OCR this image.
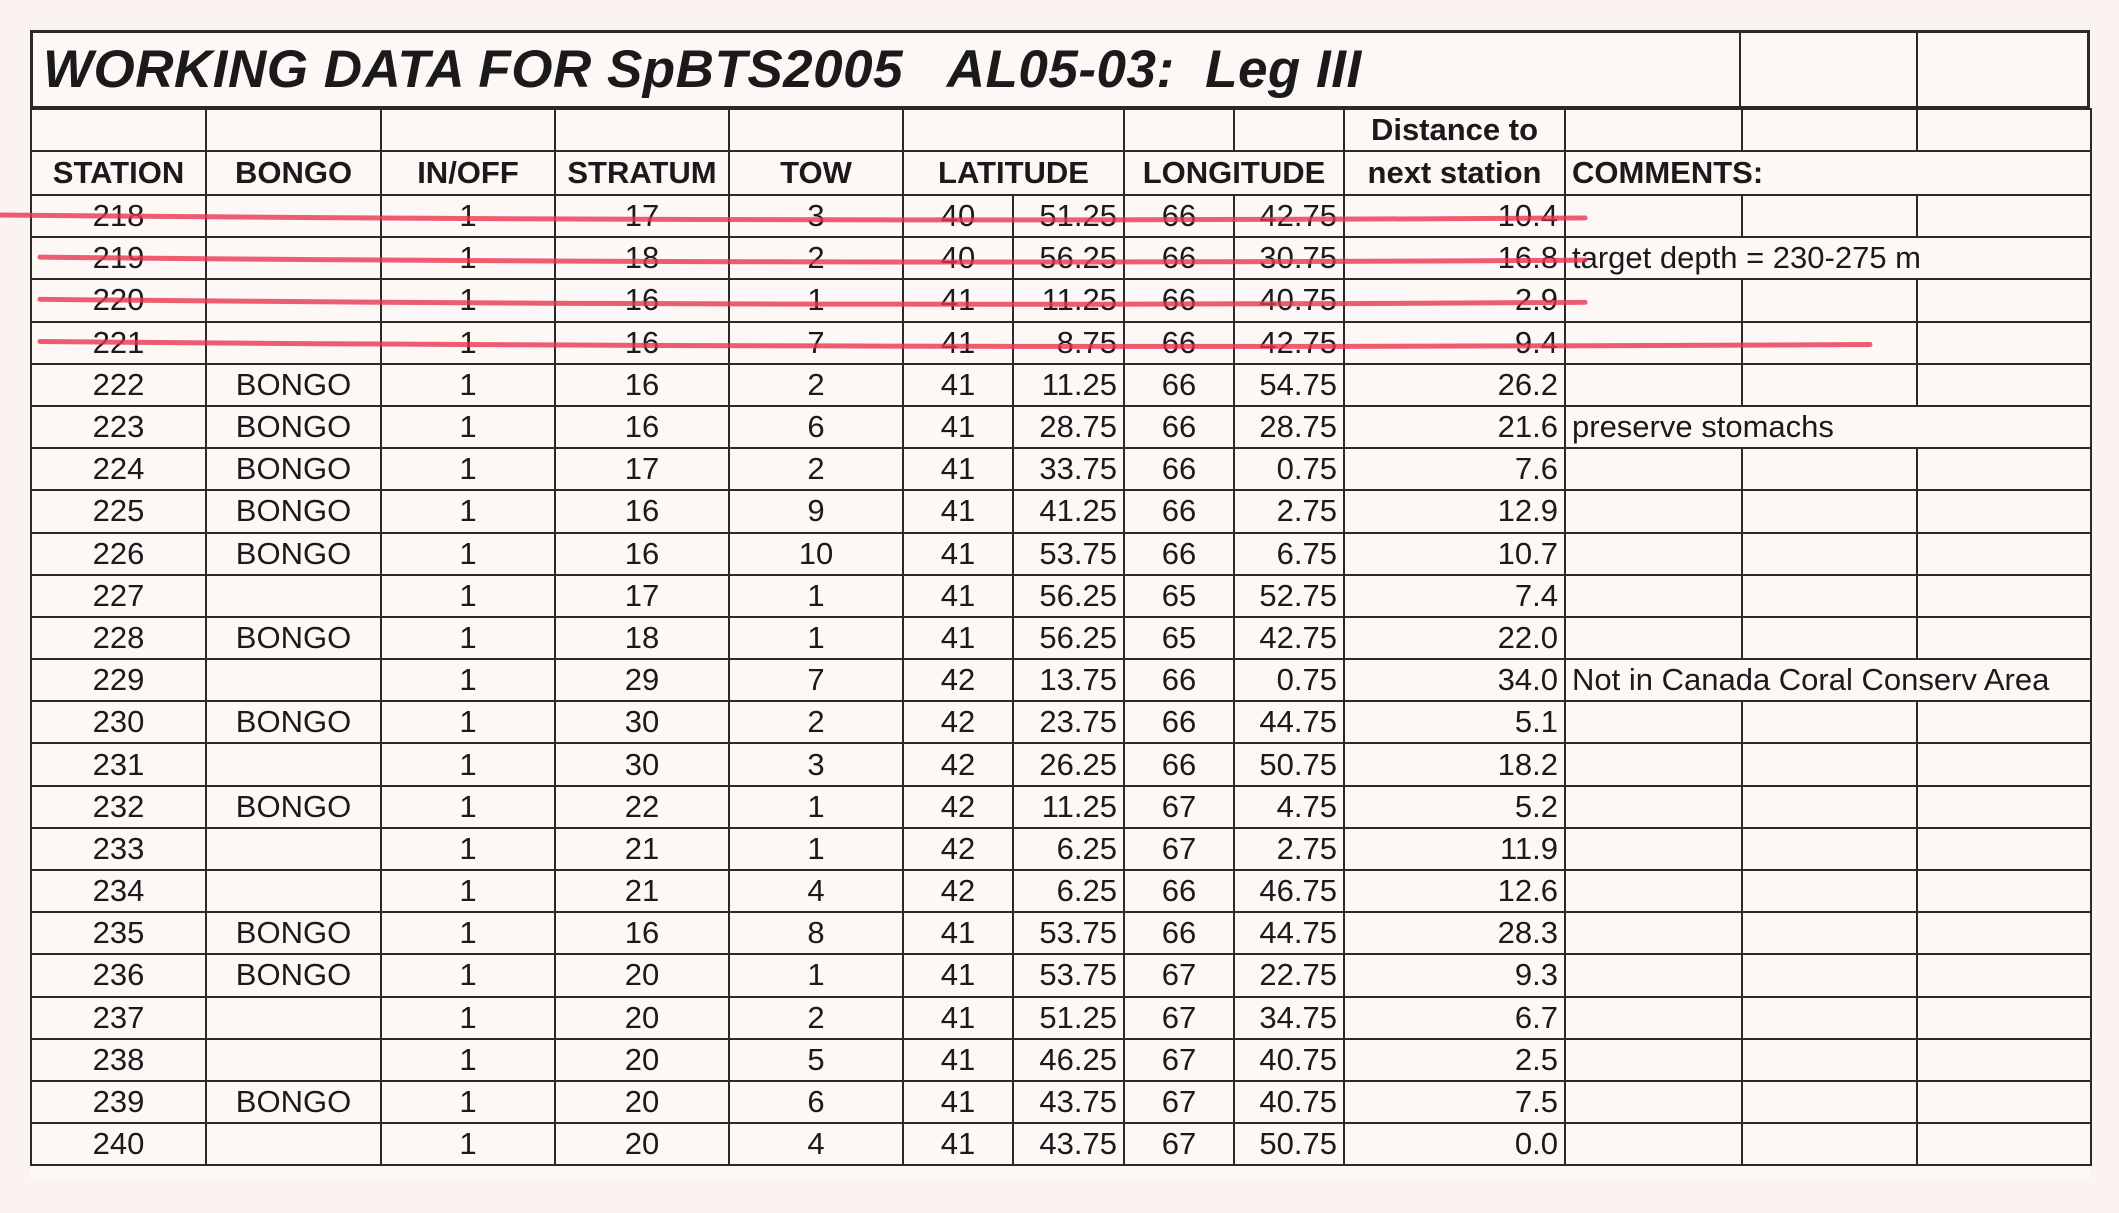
WORKING DATA FOR SpBTS2005   AL05-03:  Leg III
									Distance to			
STATION	BONGO	IN/OFF	STRATUM	TOW	LATITUDE		LONGITUDE		next station	COMMENTS:		
218		1	17	3	40	51.25	66	42.75	10.4			
219		1	18	2	40	56.25	66	30.75	16.8	target depth = 230-275 m		
220		1	16	1	41	11.25	66	40.75	2.9			
221		1	16	7	41	8.75	66	42.75	9.4			
222	BONGO	1	16	2	41	11.25	66	54.75	26.2			
223	BONGO	1	16	6	41	28.75	66	28.75	21.6	preserve stomachs		
224	BONGO	1	17	2	41	33.75	66	0.75	7.6			
225	BONGO	1	16	9	41	41.25	66	2.75	12.9			
226	BONGO	1	16	10	41	53.75	66	6.75	10.7			
227		1	17	1	41	56.25	65	52.75	7.4			
228	BONGO	1	18	1	41	56.25	65	42.75	22.0			
229		1	29	7	42	13.75	66	0.75	34.0	Not in Canada Coral Conserv Area		
230	BONGO	1	30	2	42	23.75	66	44.75	5.1			
231		1	30	3	42	26.25	66	50.75	18.2			
232	BONGO	1	22	1	42	11.25	67	4.75	5.2			
233		1	21	1	42	6.25	67	2.75	11.9			
234		1	21	4	42	6.25	66	46.75	12.6			
235	BONGO	1	16	8	41	53.75	66	44.75	28.3			
236	BONGO	1	20	1	41	53.75	67	22.75	9.3			
237		1	20	2	41	51.25	67	34.75	6.7			
238		1	20	5	41	46.25	67	40.75	2.5			
239	BONGO	1	20	6	41	43.75	67	40.75	7.5			
240		1	20	4	41	43.75	67	50.75	0.0			
